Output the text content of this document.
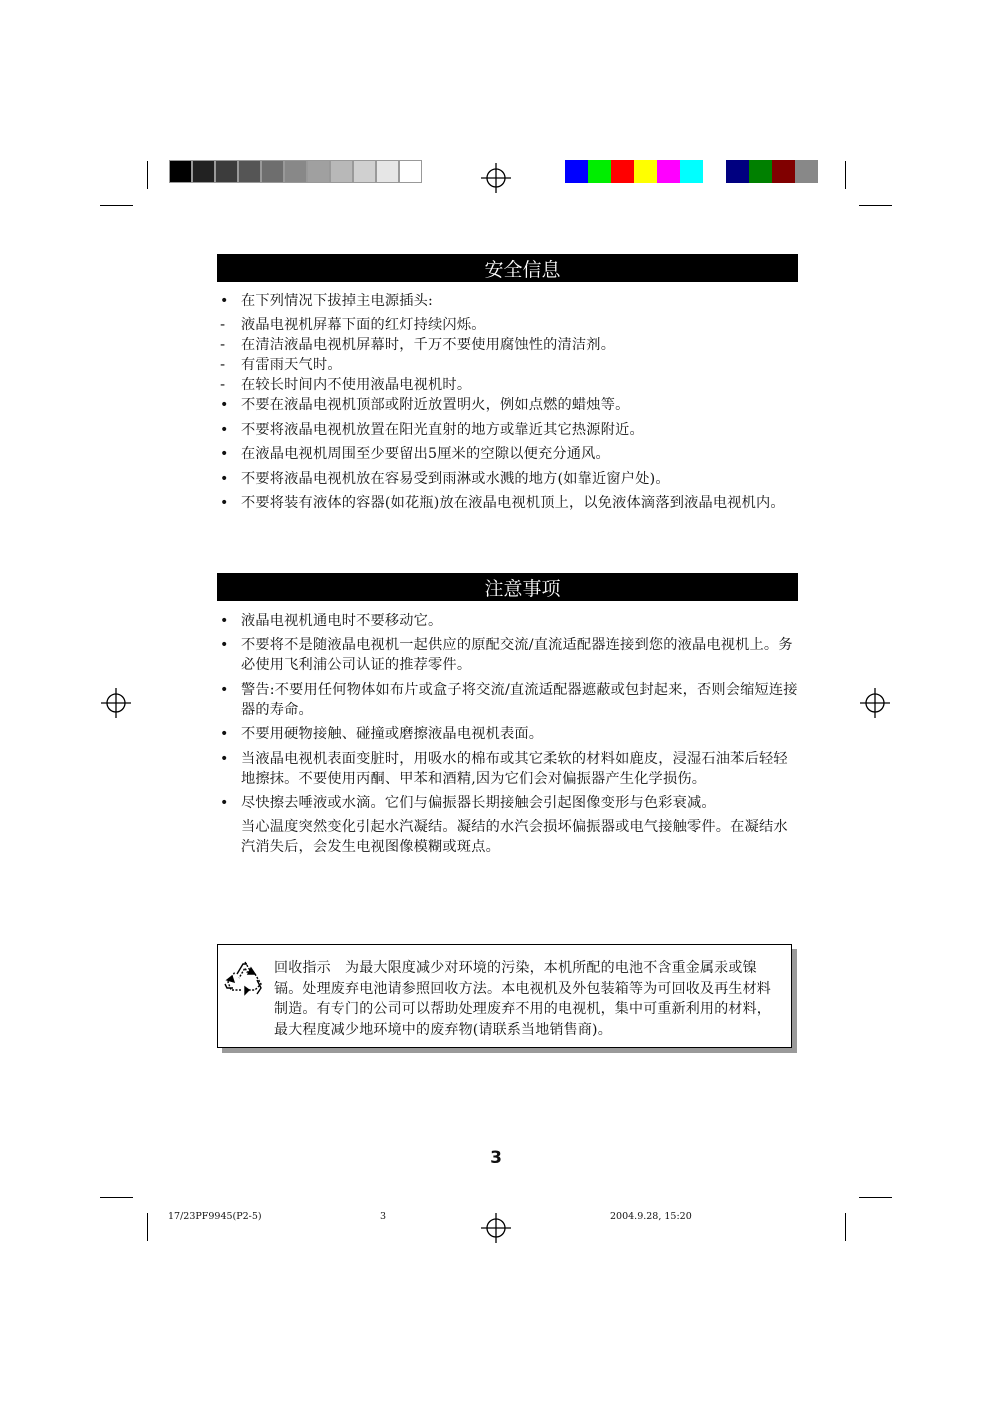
安全信息
• 在下列情况下拔掉主电源插头:
-	液晶电视机屏幕下面的红灯持续闪烁。
-	在清洁液晶电视机屏幕时，千万不要使用腐蚀性的清洁剂。
-	有雷雨天气时。
-	在较长时间内不使用液晶电视机时。
• 不要在液晶电视机顶部或附近放置明火，例如点燃的蜡烛等。
• 不要将液晶电视机放置在阳光直射的地方或靠近其它热源附近。
• 在液晶电视机周围至少要留出5厘米的空隙以便充分通风。
• 不要将液晶电视机放在容易受到雨淋或水溅的地方(如靠近窗户处)。
• 不要将装有液体的容器(如花瓶)放在液晶电视机顶上，以免液体滴落到液晶电视机内。
注意事项
• 液晶电视机通电时不要移动它。
• 不要将不是随液晶电视机一起供应的原配交流/直流适配器连接到您的液晶电视机上。务必使用飞利浦公司认证的推荐零件。
• 警告:不要用任何物体如布片或盒子将交流/直流适配器遮蔽或包封起来，否则会缩短连接器的寿命。
• 不要用硬物接触、碰撞或磨擦液晶电视机表面。
• 当液晶电视机表面变脏时，用吸水的棉布或其它柔软的材料如鹿皮，浸湿石油苯后轻轻地擦抹。不要使用丙酮、甲苯和酒精,因为它们会对偏振器产生化学损伤。
• 尽快擦去唾液或水滴。它们与偏振器长期接触会引起图像变形与色彩衰减。
当心温度突然变化引起水汽凝结。凝结的水汽会损坏偏振器或电气接触零件。在凝结水汽消失后，会发生电视图像模糊或斑点。
回收指示　为最大限度减少对环境的污染，本机所配的电池不含重金属汞或镍镉。处理废弃电池请参照回收方法。本电视机及外包装箱等为可回收及再生材料制造。有专门的公司可以帮助处理废弃不用的电视机，集中可重新利用的材料，最大程度减少地环境中的废弃物(请联系当地销售商)。
3
17/23PF9945(P2-5)	3	2004.9.28, 15:20
